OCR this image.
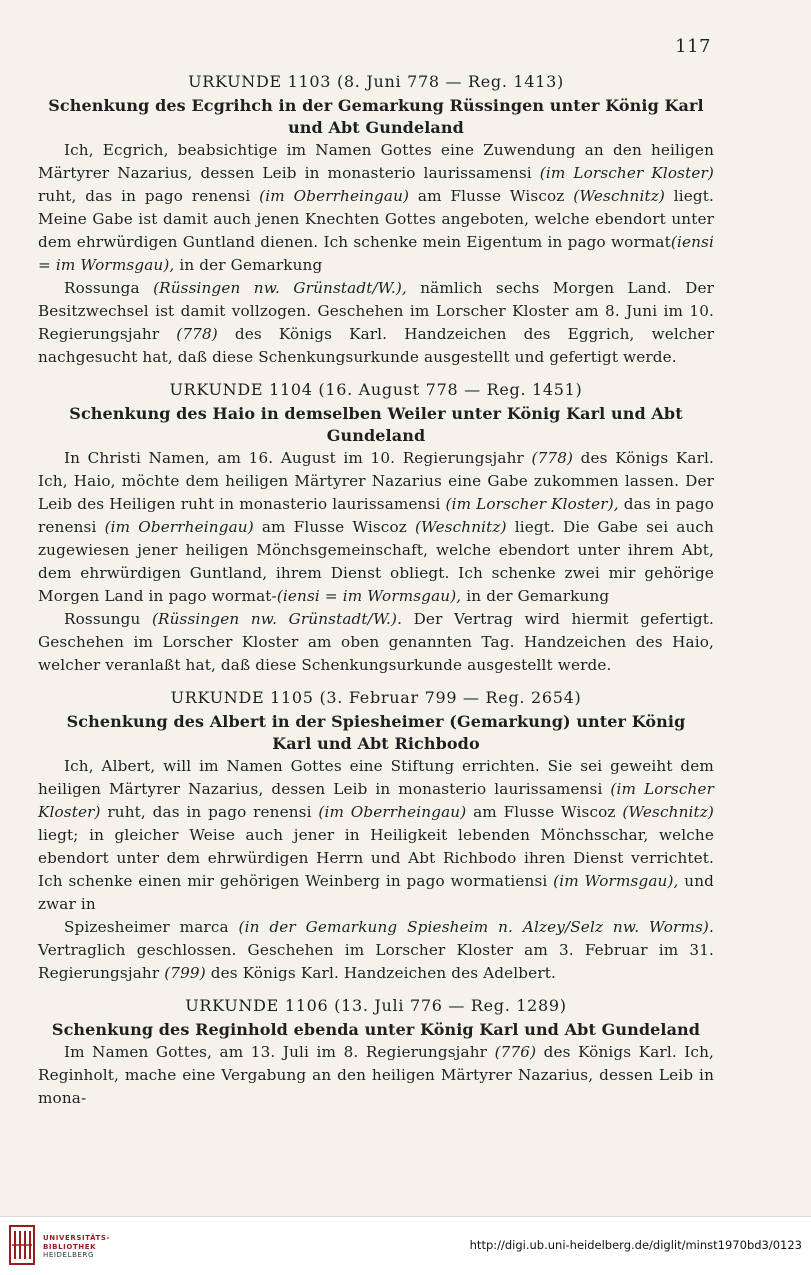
117
URKUNDE 1103 (8. Juni 778 — Reg. 1413)
Schenkung des Ecgrihch in der Gemarkung Rüssingen unter König Karl
und Abt Gundeland

Ich, Ecgrich, beabsichtige im Namen Gottes eine Zuwendung an den heiligen Märtyrer Nazarius, dessen Leib in monasterio laurissamensi (im Lorscher Kloster) ruht, das in pago renensi (im Oberrheingau) am Flusse Wiscoz (Weschnitz) liegt. Meine Gabe ist damit auch jenen Knechten Gottes angeboten, welche ebendort unter dem ehrwürdigen Guntland dienen. Ich schenke mein Eigentum in pago wormat(iensi = im Wormsgau), in der Gemarkung

Rossunga (Rüssingen nw. Grünstadt/W.), nämlich sechs Morgen Land. Der Besitzwechsel ist damit vollzogen. Geschehen im Lorscher Kloster am 8. Juni im 10. Regierungsjahr (778) des Königs Karl. Handzeichen des Eggrich, welcher nachgesucht hat, daß diese Schenkungsurkunde ausgestellt und gefertigt werde.

URKUNDE 1104 (16. August 778 — Reg. 1451)
Schenkung des Haio in demselben Weiler unter König Karl und Abt Gundeland

In Christi Namen, am 16. August im 10. Regierungsjahr (778) des Königs Karl. Ich, Haio, möchte dem heiligen Märtyrer Nazarius eine Gabe zukommen lassen. Der Leib des Heiligen ruht in monasterio laurissamensi (im Lorscher Kloster), das in pago renensi (im Oberrheingau) am Flusse Wiscoz (Weschnitz) liegt. Die Gabe sei auch zugewiesen jener heiligen Mönchsgemeinschaft, welche ebendort unter ihrem Abt, dem ehrwürdigen Guntland, ihrem Dienst obliegt. Ich schenke zwei mir gehörige Morgen Land in pago wormat-(iensi = im Wormsgau), in der Gemarkung

Rossungu (Rüssingen nw. Grünstadt/W.). Der Vertrag wird hiermit gefertigt. Geschehen im Lorscher Kloster am oben genannten Tag. Handzeichen des Haio, welcher veranlaßt hat, daß diese Schenkungsurkunde ausgestellt werde.

URKUNDE 1105 (3. Februar 799 — Reg. 2654)
Schenkung des Albert in der Spiesheimer (Gemarkung) unter König
Karl und Abt Richbodo

Ich, Albert, will im Namen Gottes eine Stiftung errichten. Sie sei geweiht dem heiligen Märtyrer Nazarius, dessen Leib in monasterio laurissamensi (im Lorscher Kloster) ruht, das in pago renensi (im Oberrheingau) am Flusse Wiscoz (Weschnitz) liegt; in gleicher Weise auch jener in Heiligkeit lebenden Mönchsschar, welche ebendort unter dem ehrwürdigen Herrn und Abt Richbodo ihren Dienst verrichtet. Ich schenke einen mir gehörigen Weinberg in pago wormatiensi (im Wormsgau), und zwar in

Spizesheimer marca (in der Gemarkung Spiesheim n. Alzey/Selz nw. Worms). Vertraglich geschlossen. Geschehen im Lorscher Kloster am 3. Februar im 31. Regierungsjahr (799) des Königs Karl. Handzeichen des Adelbert.

URKUNDE 1106 (13. Juli 776 — Reg. 1289)
Schenkung des Reginhold ebenda unter König Karl und Abt Gundeland

Im Namen Gottes, am 13. Juli im 8. Regierungsjahr (776) des Königs Karl. Ich, Reginholt, mache eine Vergabung an den heiligen Märtyrer Nazarius, dessen Leib in mona-

UNIVERSITÄTS-
BIBLIOTHEK
HEIDELBERG
http://digi.ub.uni-heidelberg.de/diglit/minst1970bd3/0123
